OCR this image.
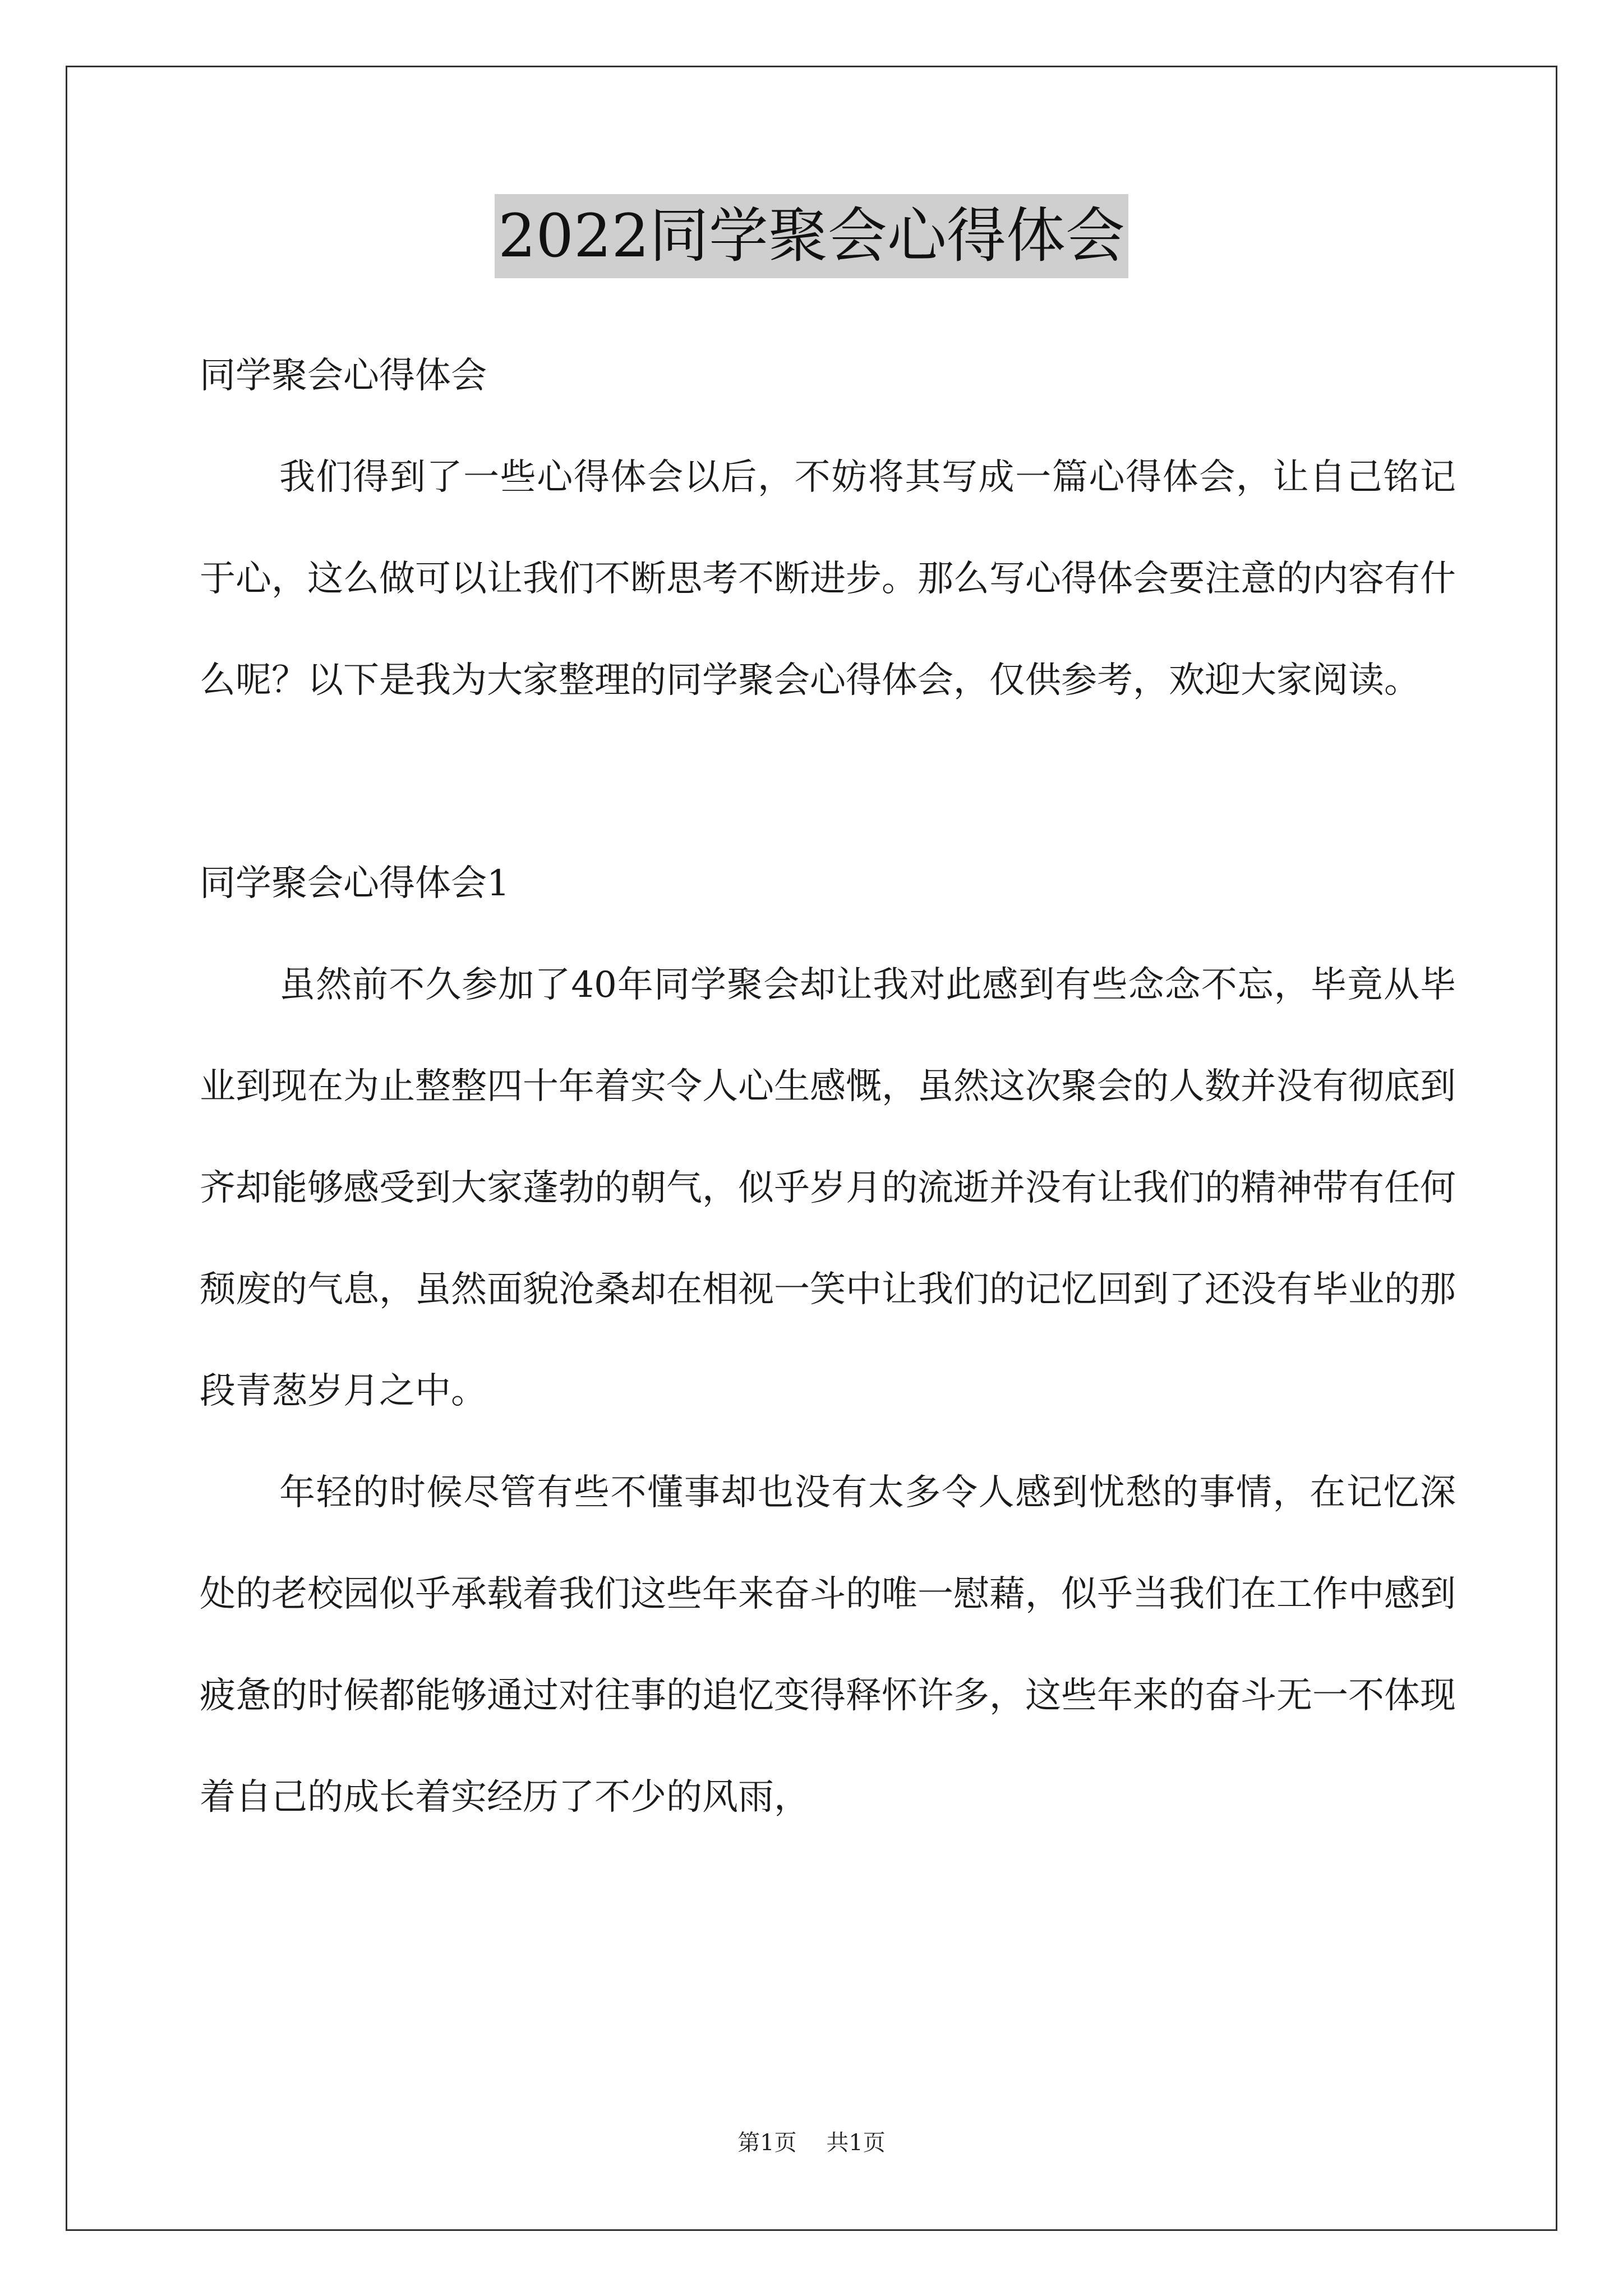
2022同学聚会心得体会

同学聚会心得体会

我们得到了一些心得体会以后，不妨将其写成一篇心得体会，让自己铭记于心，这么做可以让我们不断思考不断进步。那么写心得体会要注意的内容有什么呢？以下是我为大家整理的同学聚会心得体会，仅供参考，欢迎大家阅读。

同学聚会心得体会1

虽然前不久参加了40年同学聚会却让我对此感到有些念念不忘，毕竟从毕业到现在为止整整四十年着实令人心生感慨，虽然这次聚会的人数并没有彻底到齐却能够感受到大家蓬勃的朝气，似乎岁月的流逝并没有让我们的精神带有任何颓废的气息，虽然面貌沧桑却在相视一笑中让我们的记忆回到了还没有毕业的那段青葱岁月之中。

年轻的时候尽管有些不懂事却也没有太多令人感到忧愁的事情，在记忆深处的老校园似乎承载着我们这些年来奋斗的唯一慰藉，似乎当我们在工作中感到疲惫的时候都能够通过对往事的追忆变得释怀许多，这些年来的奋斗无一不体现着自己的成长着实经历了不少的风雨，

第1页 共1页
